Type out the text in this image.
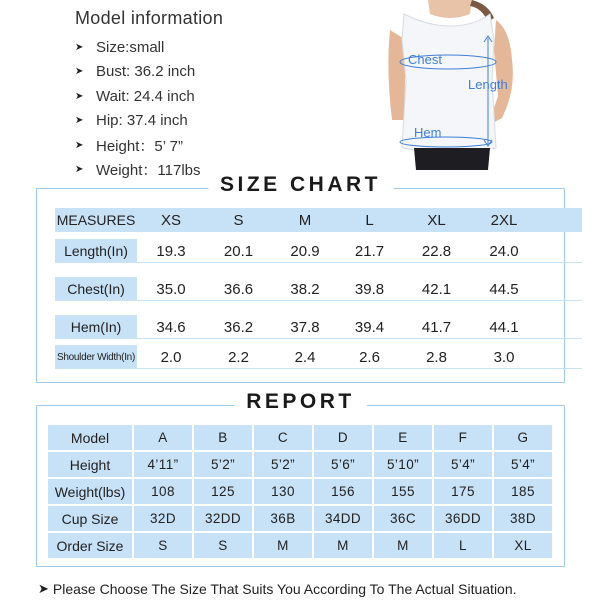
Model information
➤ Size:small
➤ Bust: 36.2 inch
➤ Wait: 24.4 inch
➤ Hip: 37.4 inch
➤ Height：5’ 7”
➤ Weight：117lbs
Chest
Length
Hem
SIZE CHART
MEASURES	XS	S	M	L	XL	2XL
Length(In)	19.3	20.1	20.9	21.7	22.8	24.0
Chest(In)	35.0	36.6	38.2	39.8	42.1	44.5
Hem(In)	34.6	36.2	37.8	39.4	41.7	44.1
Shoulder Width(In)	2.0	2.2	2.4	2.6	2.8	3.0
REPORT
Model	A	B	C	D	E	F	G
Height	4’11”	5’2”	5’2”	5’6”	5’10”	5’4”	5’4”
Weight(lbs)	108	125	130	156	155	175	185
Cup Size	32D	32DD	36B	34DD	36C	36DD	38D
Order Size	S	S	M	M	M	L	XL
➤ Please Choose The Size That Suits You According To The Actual Situation.
